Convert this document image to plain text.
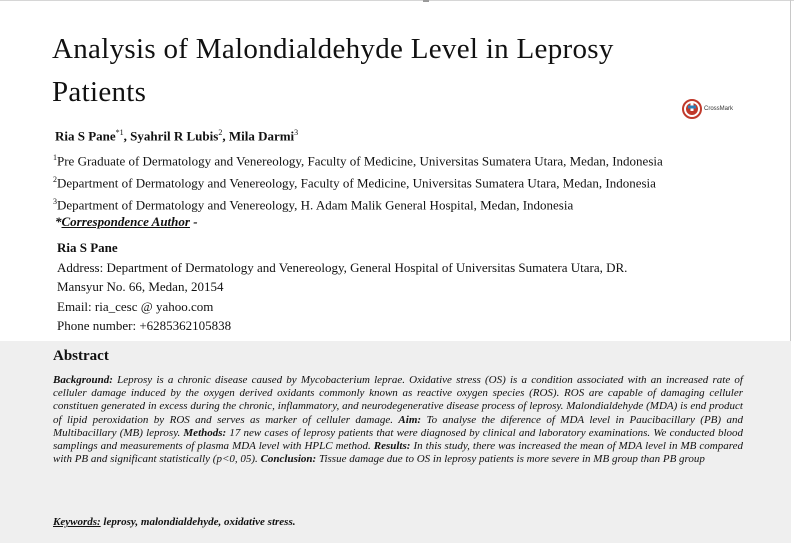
Analysis of Malondialdehyde Level in Leprosy Patients
CrossMark
Ria S Pane$^{*1}$, Syahril R Lubis$^2$, Mila Darmi$^3$
$^1$Pre Graduate of Dermatology and Venereology, Faculty of Medicine, Universitas Sumatera Utara, Medan, Indonesia
$^2$Department of Dermatology and Venereology, Faculty of Medicine, Universitas Sumatera Utara, Medan, Indonesia
$^3$Department of Dermatology and Venereology, H. Adam Malik General Hospital, Medan, Indonesia
*Correspondence Author -
Ria S Pane
Address: Department of Dermatology and Venereology, General Hospital of Universitas Sumatera Utara, DR.
Mansyur No. 66, Medan, 20154
Email: ria_cesc @ yahoo.com
Phone number: +6285362105838
Abstract
Background: Leprosy is a chronic disease caused by Mycobacterium leprae. Oxidative stress (OS) is a condition associated with an increased rate of celluler damage induced by the oxygen derived oxidants commonly known as reactive oxygen species (ROS). ROS are capable of damaging celluler constituen generated in excess during the chronic, inflammatory, and neurodegenerative disease process of leprosy. Malondialdehyde (MDA) is end product of lipid peroxidation by ROS and serves as marker of celluler damage. Aim: To analyse the diference of MDA level in Paucibacillary (PB) and Multibacillary (MB) leprosy. Methods: 17 new cases of leprosy patients that were diagnosed by clinical and laboratory examinations. We conducted blood samplings and measurements of plasma MDA level with HPLC method. Results: In this study, there was increased the mean of MDA level in MB compared with PB and significant statistically (p<0, 05). Conclusion: Tissue damage due to OS in leprosy patients is more severe in MB group than PB group
Keywords: leprosy, malondialdehyde, oxidative stress.
